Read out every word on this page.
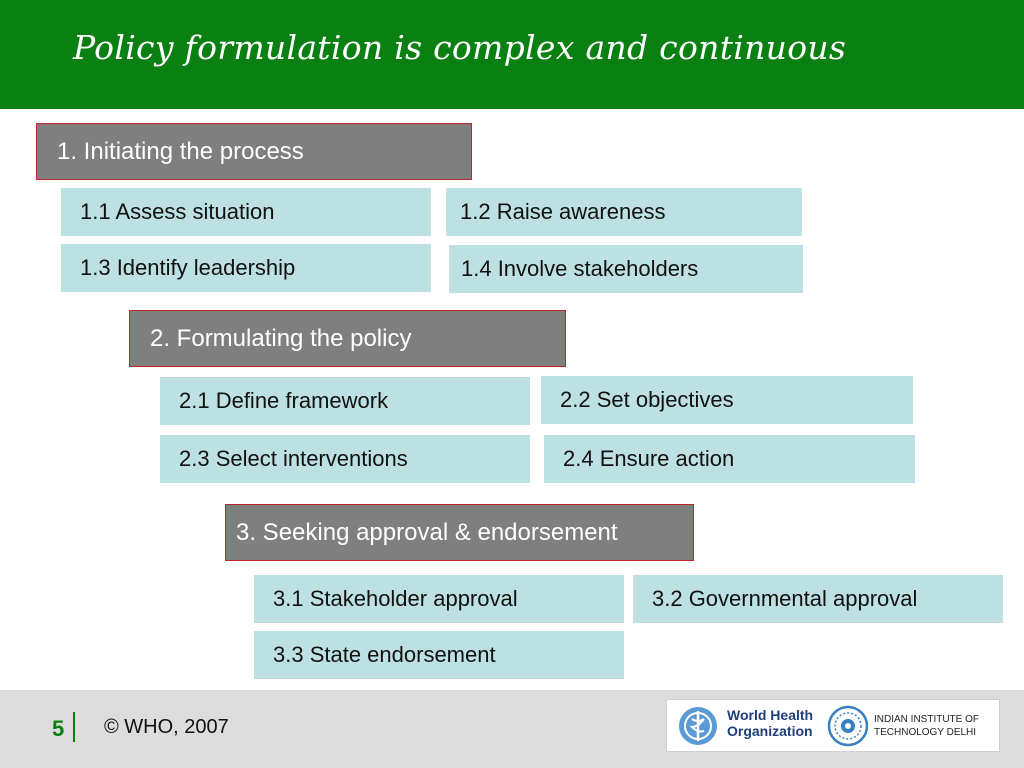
Policy formulation is complex and continuous
1. Initiating the process
1.1 Assess situation	1.2 Raise awareness
1.3 Identify leadership	1.4 Involve stakeholders
2. Formulating the policy
2.1 Define framework	2.2 Set objectives
2.3 Select interventions	2.4 Ensure action
3. Seeking approval & endorsement
3.1 Stakeholder approval	3.2 Governmental approval
3.3 State endorsement
5 © WHO, 2007
World Health Organization
INDIAN INSTITUTE OF TECHNOLOGY DELHI
